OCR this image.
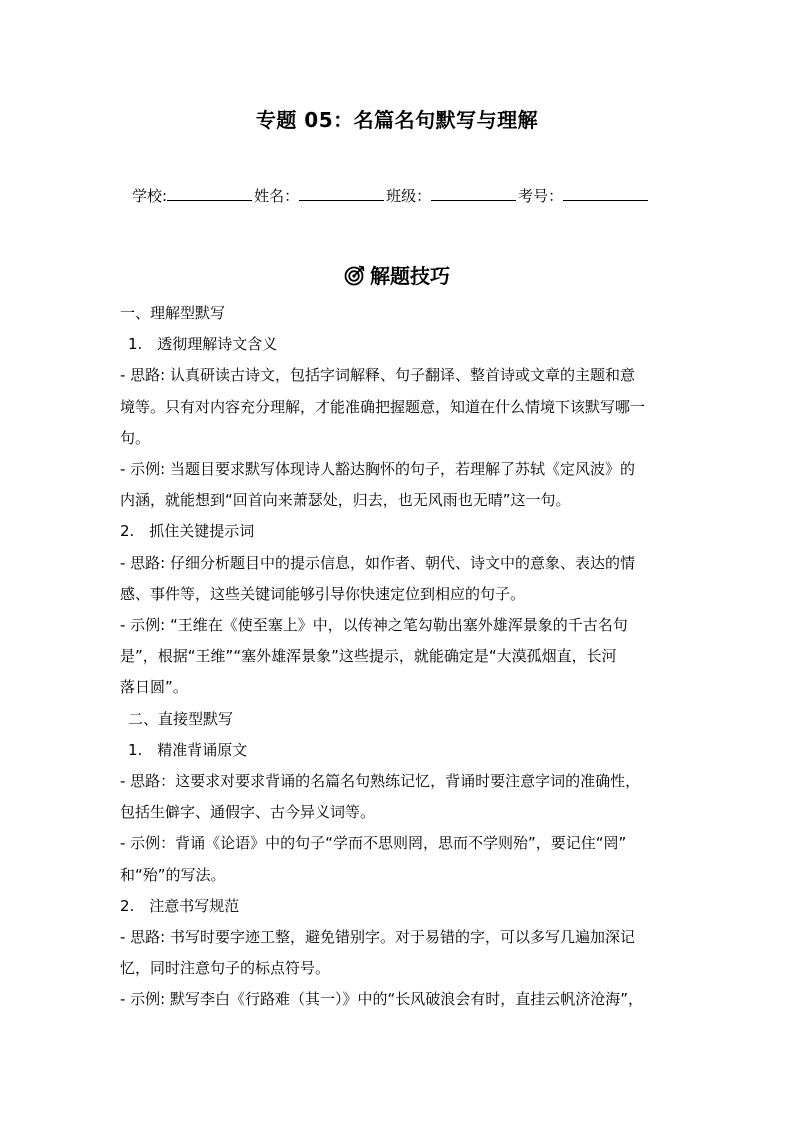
专题 05：名篇名句默写与理解
学校:	姓名：	班级：	考号：
解题技巧

一、理解型默写

1.　透彻理解诗文含义

- 思路: 认真研读古诗文，包括字词解释、句子翻译、整首诗或文章的主题和意

境等。只有对内容充分理解，才能准确把握题意，知道在什么情境下该默写哪一

句。

- 示例: 当题目要求默写体现诗人豁达胸怀的句子，若理解了苏轼《定风波》的

内涵，就能想到“回首向来萧瑟处，归去，也无风雨也无晴”这一句。

2.　抓住关键提示词

- 思路: 仔细分析题目中的提示信息，如作者、朝代、诗文中的意象、表达的情

感、事件等，这些关键词能够引导你快速定位到相应的句子。

- 示例: “王维在《使至塞上》中，以传神之笔勾勒出塞外雄浑景象的千古名句

是”，根据“王维”“塞外雄浑景象”这些提示，就能确定是“大漠孤烟直，长河

落日圆”。

二、直接型默写

1.　精准背诵原文

- 思路：这要求对要求背诵的名篇名句熟练记忆，背诵时要注意字词的准确性，

包括生僻字、通假字、古今异义词等。

- 示例：背诵《论语》中的句子“学而不思则罔，思而不学则殆”，要记住“罔”

和“殆”的写法。

2.　注意书写规范

- 思路: 书写时要字迹工整，避免错别字。对于易错的字，可以多写几遍加深记

忆，同时注意句子的标点符号。

- 示例: 默写李白《行路难（其一）》中的“长风破浪会有时，直挂云帆济沧海”，
